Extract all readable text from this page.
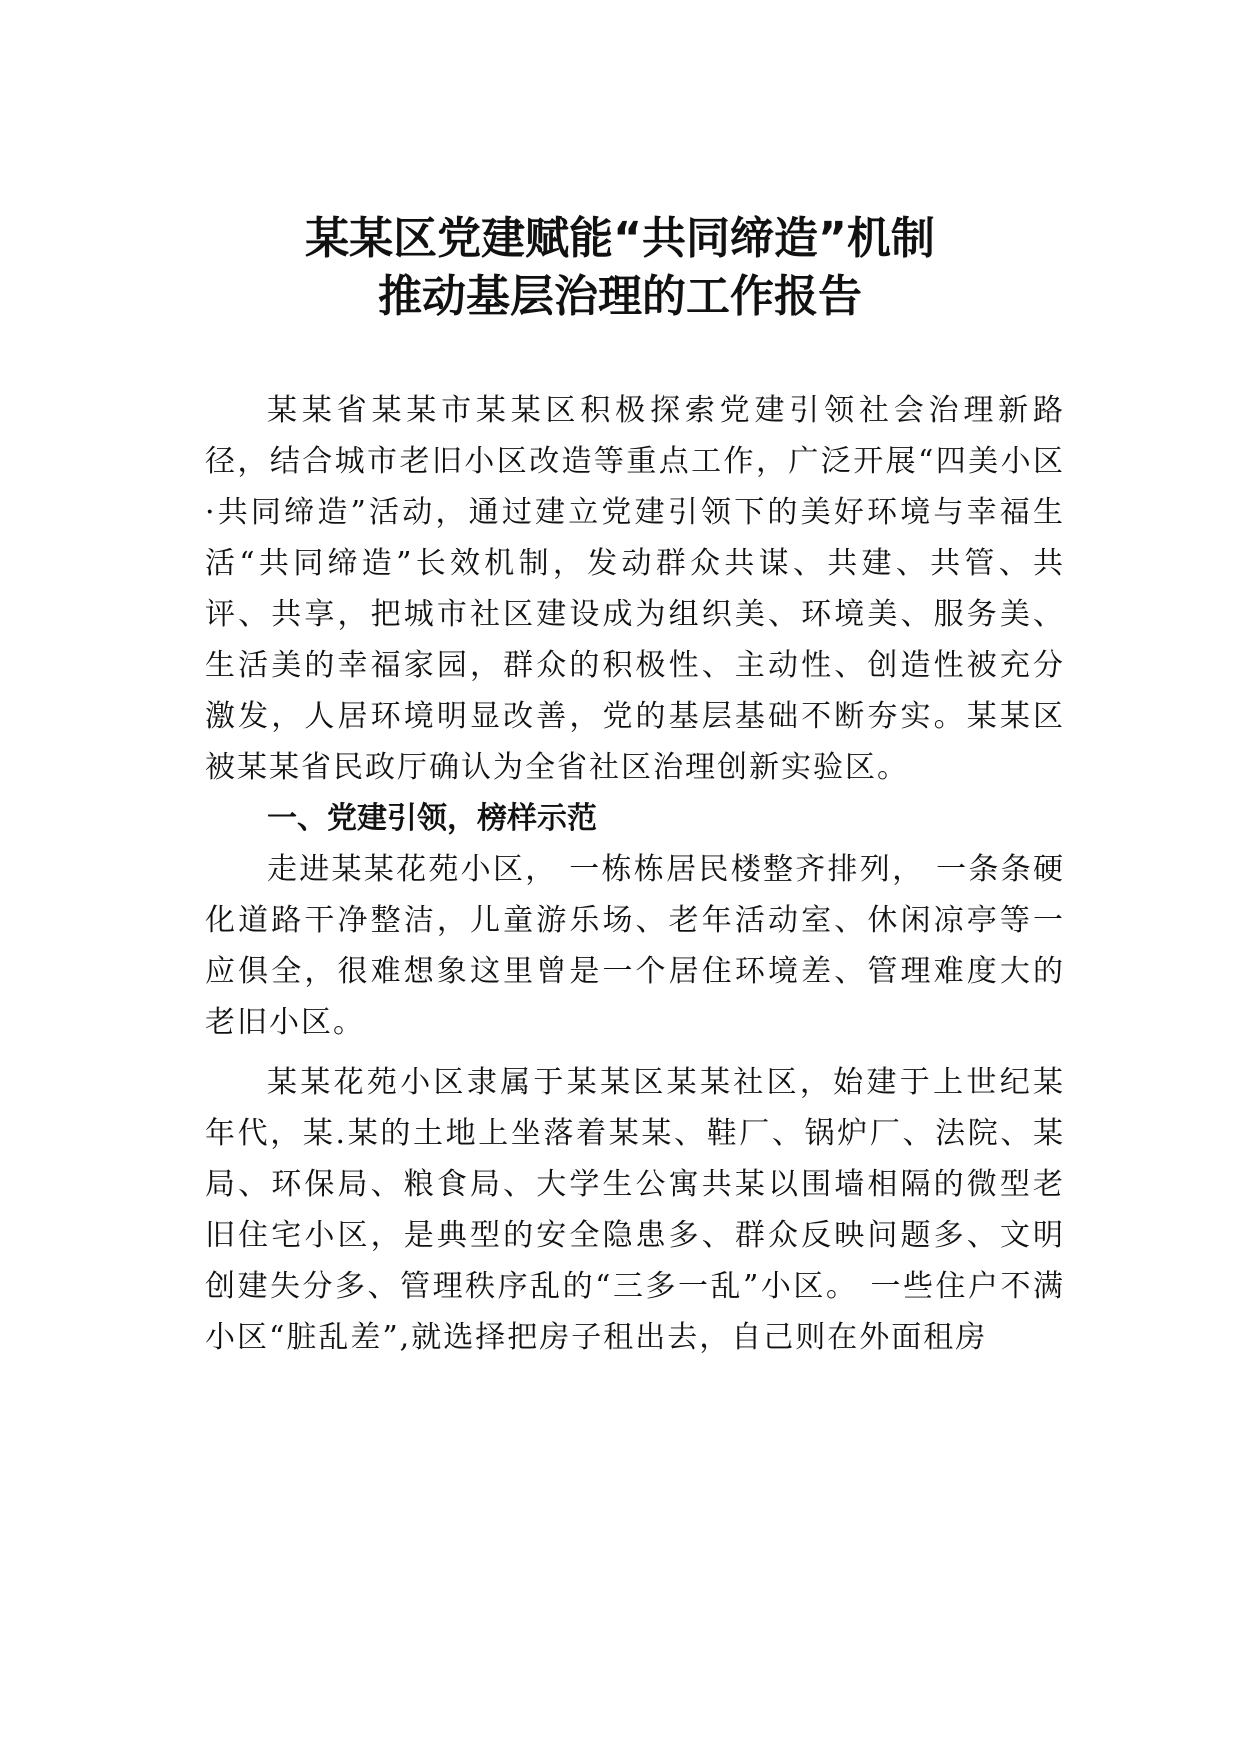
某某区党建赋能“共同缔造”机制
推动基层治理的工作报告

某某省某某市某某区积极探索党建引领社会治理新路径，结合城市老旧小区改造等重点工作，广泛开展“四美小区·共同缔造”活动，通过建立党建引领下的美好环境与幸福生活“共同缔造”长效机制，发动群众共谋、共建、共管、共评、共享，把城市社区建设成为组织美、环境美、服务美、生活美的幸福家园，群众的积极性、主动性、创造性被充分激发，人居环境明显改善，党的基层基础不断夯实。某某区被某某省民政厅确认为全省社区治理创新实验区。

一、党建引领，榜样示范

走进某某花苑小区， 一栋栋居民楼整齐排列， 一条条硬化道路干净整洁，儿童游乐场、老年活动室、休闲凉亭等一应俱全，很难想象这里曾是一个居住环境差、管理难度大的老旧小区。

某某花苑小区隶属于某某区某某社区，始建于上世纪某年代，某.某的土地上坐落着某某、鞋厂、锅炉厂、法院、某局、环保局、粮食局、大学生公寓共某以围墙相隔的微型老旧住宅小区，是典型的安全隐患多、群众反映问题多、文明创建失分多、管理秩序乱的“三多一乱”小区。 一些住户不满小区“脏乱差”,就选择把房子租出去，自己则在外面租房
